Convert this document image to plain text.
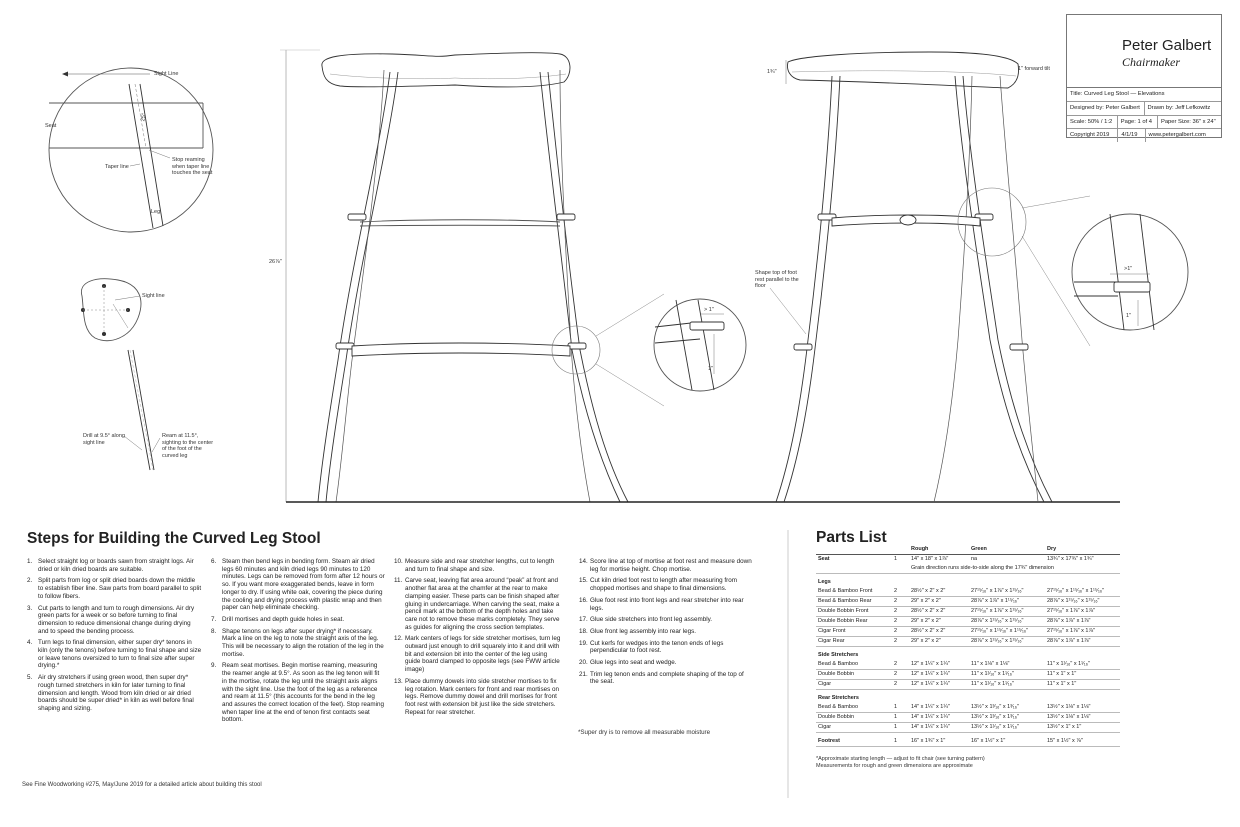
Sight Line
Seat
25°
Taper line
Stop reaming when taper line touches the seat
Leg
Sight line
Drill at 9.5° along sight line
Ream at 11.5°, sighting to the center of the foot of the curved leg
26⅞"
1¾"	1" forward tilt
> 1"
1"
>1"
1"
Shape top of foot rest parallel to the floor
Peter Galbert
Chairmaker
Title: Curved Leg Stool — Elevations
Designed by: Peter Galbert	Drawn by: Jeff Lefkowitz
Scale: 50% / 1:2	Page: 1 of 4	Paper Size: 36" x 24"
Copyright 2019	4/1/19	www.petergalbert.com
Steps for Building the Curved Leg Stool
1. Select straight log or boards sawn from straight logs. Air dried or kiln dried boards are suitable.
2. Split parts from log or split dried boards down the middle to establish fiber line. Saw parts from board parallel to split to follow fibers.
3. Cut parts to length and turn to rough dimensions. Air dry green parts for a week or so before turning to final dimension to reduce dimensional change during drying and to speed the bending process.
4. Turn legs to final dimension, either super dry* tenons in kiln (only the tenons) before turning to final shape and size or leave tenons oversized to turn to final size after super drying.*
5. Air dry stretchers if using green wood, then super dry* rough turned stretchers in kiln for later turning to final dimension and length. Wood from kiln dried or air dried boards should be super dried* in kiln as well before final shaping and sizing.
6. Steam then bend legs in bending form. Steam air dried legs 60 minutes and kiln dried legs 90 minutes to 120 minutes. Legs can be removed from form after 12 hours or so. If you want more exaggerated bends, leave in form longer to dry. If using white oak, covering the piece during the cooling and drying process with plastic wrap and then paper can help eliminate checking.
7. Drill mortises and depth guide holes in seat.
8. Shape tenons on legs after super drying* if necessary. Mark a line on the leg to note the straight axis of the leg. This will be necessary to align the rotation of the leg in the mortise.
9. Ream seat mortises. Begin mortise reaming, measuring the reamer angle at 9.5°. As soon as the leg tenon will fit in the mortise, rotate the leg until the straight axis aligns with the sight line. Use the foot of the leg as a reference and ream at 11.5° (this accounts for the bend in the leg and assures the correct location of the feet). Stop reaming when taper line at the end of tenon first contacts seat bottom.
10. Measure side and rear stretcher lengths, cut to length and turn to final shape and size.
11. Carve seat, leaving flat area around “peak” at front and another flat area at the chamfer at the rear to make clamping easier. These parts can be finish shaped after gluing in undercarriage. When carving the seat, make a pencil mark at the bottom of the depth holes and take care not to remove these marks completely. They serve as guides for aligning the cross section templates.
12. Mark centers of legs for side stretcher mortises, turn leg outward just enough to drill squarely into it and drill with bit and extension bit into the center of the leg using guide board clamped to opposite legs (see FWW article image)
13. Place dummy dowels into side stretcher mortises to fix leg rotation. Mark centers for front and rear mortises on legs. Remove dummy dowel and drill mortises for front foot rest with extension bit just like the side stretchers. Repeat for rear stretcher.
14. Score line at top of mortise at foot rest and measure down leg for mortise height. Chop mortise.
15. Cut kiln dried foot rest to length after measuring from chopped mortises and shape to final dimensions.
16. Glue foot rest into front legs and rear stretcher into rear legs.
17. Glue side stretchers into front leg assembly.
18. Glue front leg assembly into rear legs.
19. Cut kerfs for wedges into the tenon ends of legs perpendicular to foot rest.
20. Glue legs into seat and wedge.
21. Trim leg tenon ends and complete shaping of the top of the seat.
*Super dry is to remove all measurable moisture
See Fine Woodworking #275, May/June 2019 for a detailed article about building this stool
Parts List
		Rough	Green	Dry
Seat	1	14" x 18" x 1⅞"	na	13¾" x 17¾" x 1¾"
		Grain direction runs side-to-side along the 17¾" dimension		
Legs				
Bead & Bamboo Front	2	28½" x 2" x 2"	27¹⁵⁄₁₆" x 1⅞" x 1¹⁵⁄₁₆"	27¹⁵⁄₁₆" x 1¹⁵⁄₁₆" x 1¹⁵⁄₁₆"
Bead & Bamboo Rear	2	29" x 2" x 2"	28⅞" x 1⅞" x 1¹⁵⁄₁₆"	28⅞" x 1¹⁵⁄₁₆" x 1¹⁵⁄₁₆"
Double Bobbin Front	2	28½" x 2" x 2"	27¹⁵⁄₁₆" x 1⅞" x 1¹⁵⁄₁₆"	27¹⁵⁄₁₆" x 1⅞" x 1⅞"
Double Bobbin Rear	2	29" x 2" x 2"	28⅞" x 1¹⁵⁄₁₆" x 1¹⁵⁄₁₆"	28⅞" x 1⅞" x 1⅞"
Cigar Front	2	28½" x 2" x 2"	27¹⁵⁄₁₆" x 1¹⁵⁄₁₆" x 1¹⁵⁄₁₆"	27¹⁵⁄₁₆" x 1⅞" x 1⅞"
Cigar Rear	2	29" x 2" x 2"	28⅞" x 1¹⁵⁄₁₆" x 1¹⁵⁄₁₆"	28⅞" x 1⅞" x 1⅞"
Side Stretchers				
Bead & Bamboo	2	12" x 1¼" x 1¼"	11" x 1⅛" x 1⅛"	11" x 1¹⁄₁₆" x 1¹⁄₁₆"
Double Bobbin	2	12" x 1¼" x 1¼"	11" x 1¹⁄₁₆" x 1¹⁄₁₆"	11" x 1" x 1"
Cigar	2	12" x 1¼" x 1¼"	11" x 1¹⁄₁₆" x 1¹⁄₁₆"	11" x 1" x 1"
Rear Stretchers				
Bead & Bamboo	1	14" x 1¼" x 1¼"	13½" x 1³⁄₁₆" x 1³⁄₁₆"	13½" x 1⅛" x 1⅛"
Double Bobbin	1	14" x 1¼" x 1¼"	13½" x 1³⁄₁₆" x 1³⁄₁₆"	13½" x 1⅛" x 1⅛"
Cigar	1	14" x 1¼" x 1¼"	13½" x 1¹⁄₁₆" x 1¹⁄₁₆"	13½" x 1" x 1"

Footrest	1	16" x 1¾" x 1"	16" x 1½" x 1"	15" x 1½" x ⅞"
*Approximate starting length — adjust to fit chair (see turning pattern)
Measurements for rough and green dimensions are approximate
